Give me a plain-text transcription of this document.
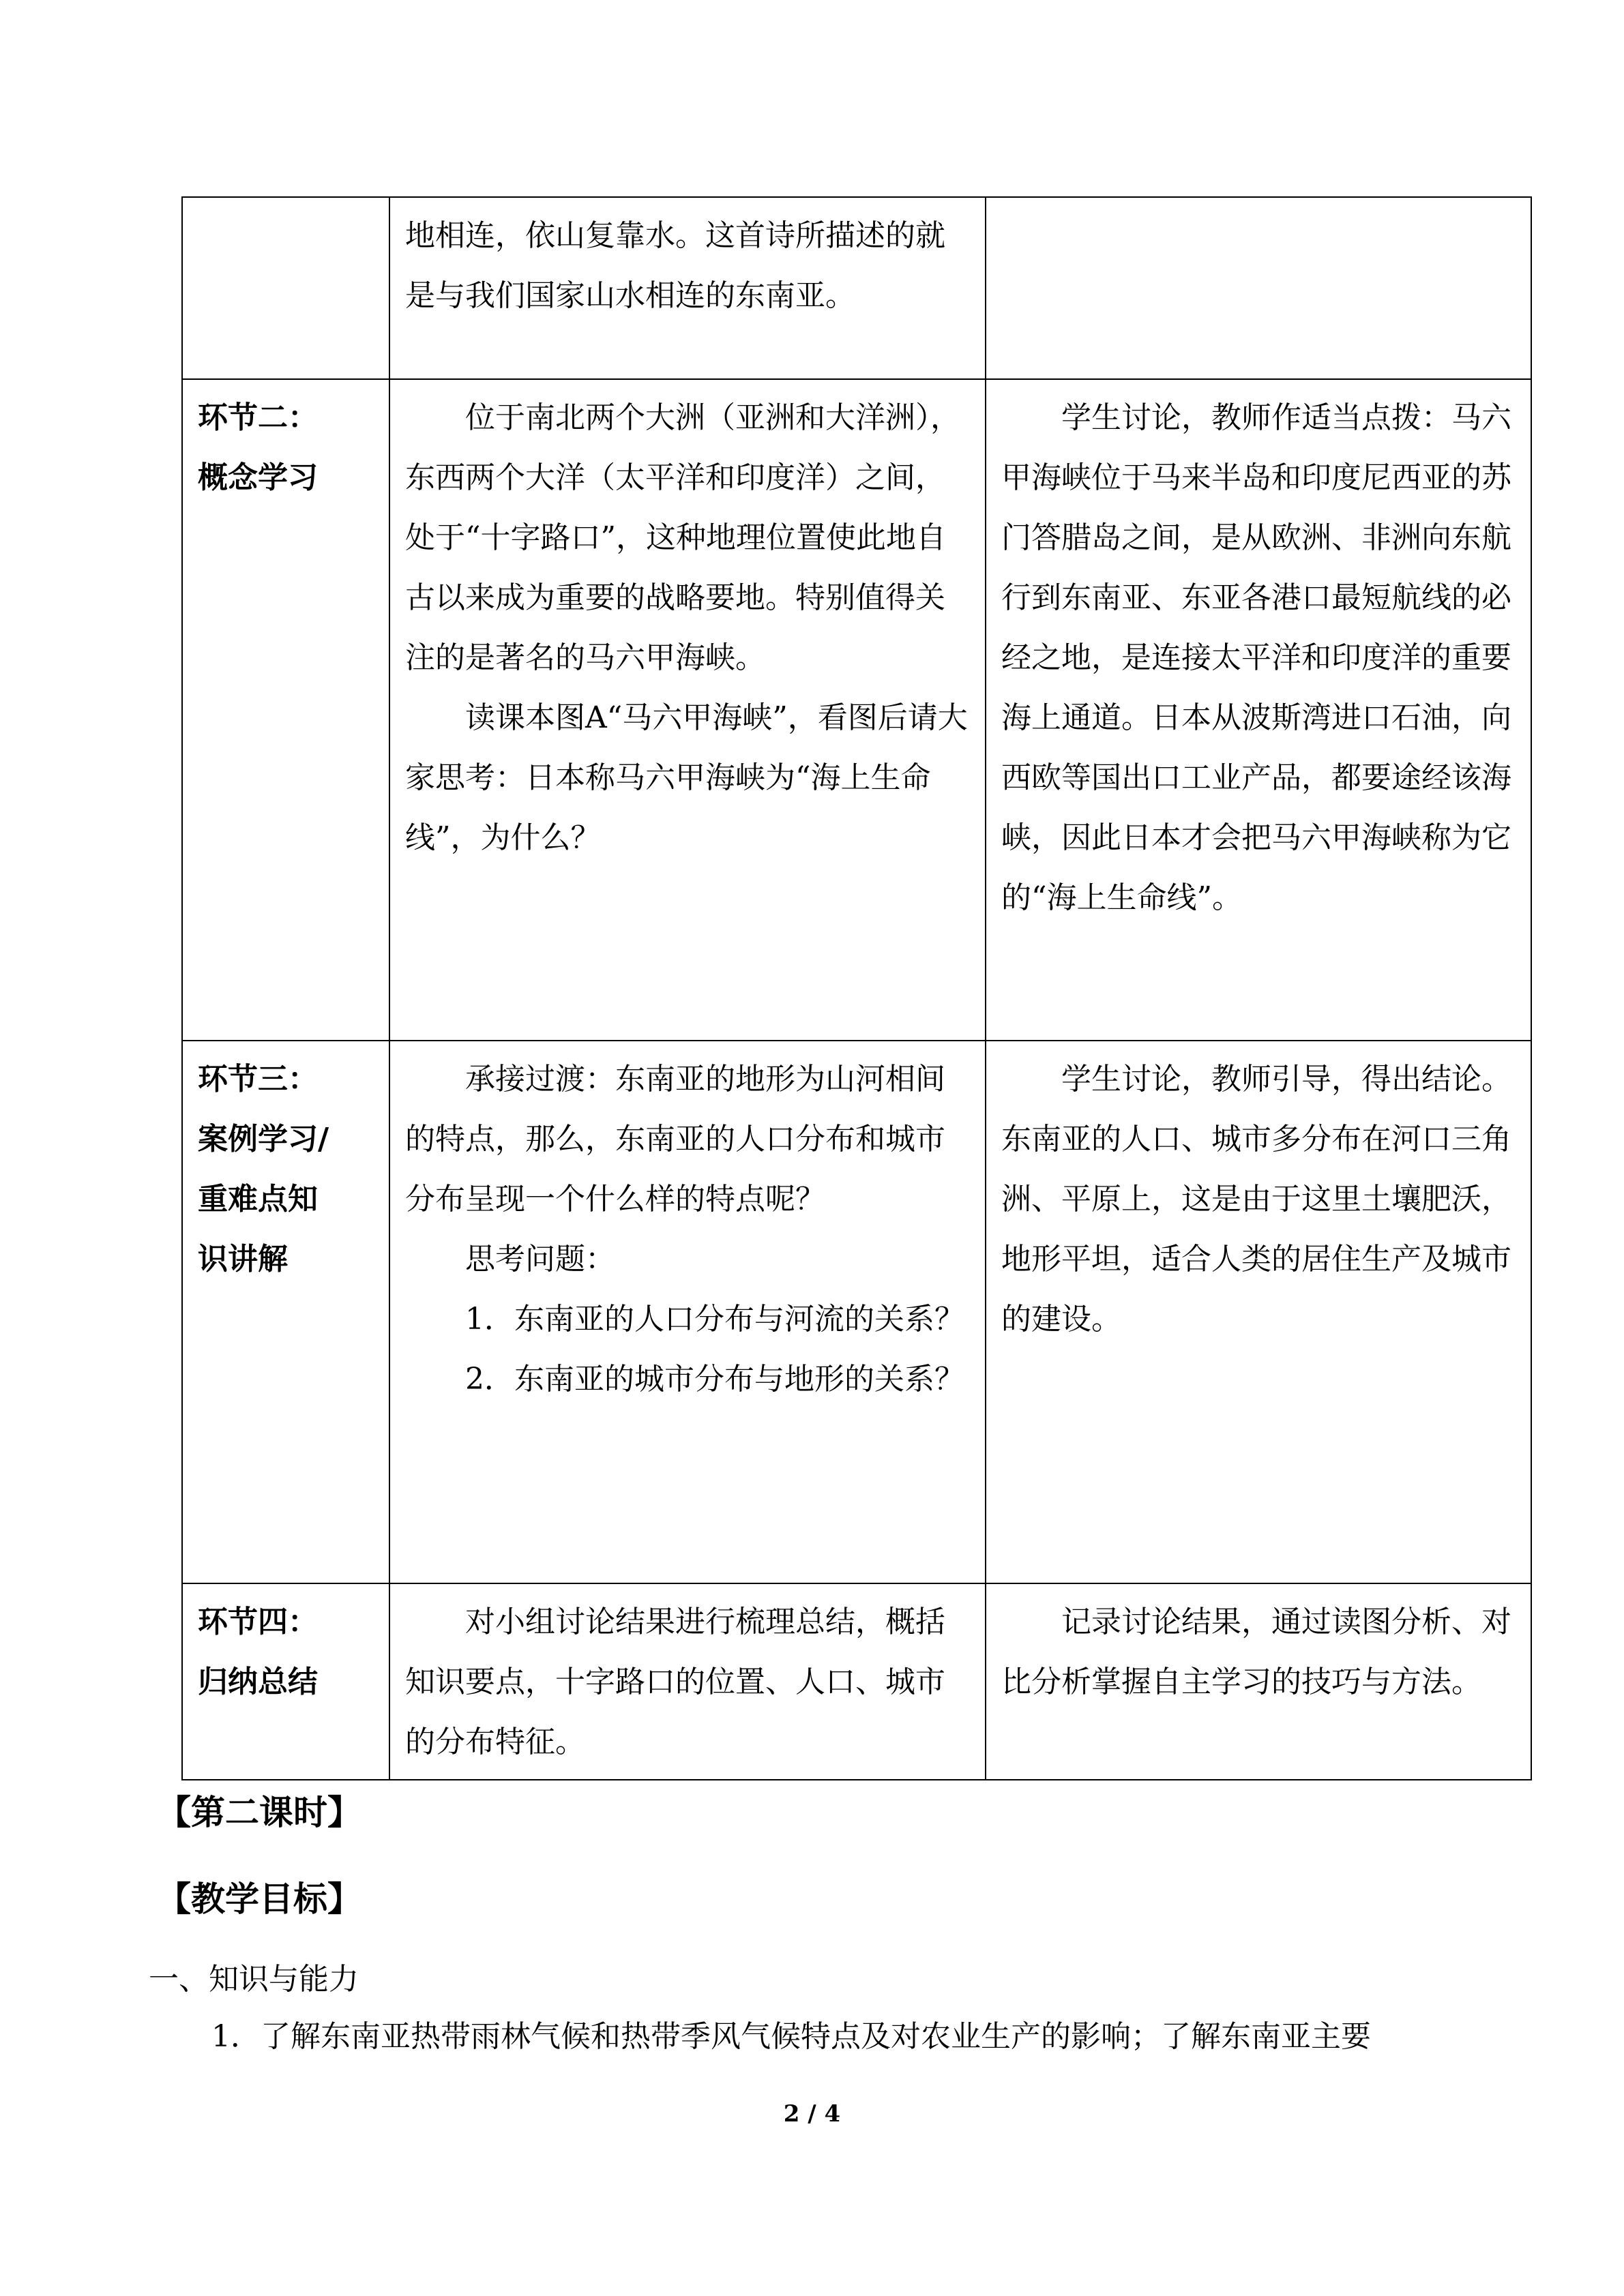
	地相连，依山复靠水。这首诗所描述的就是与我们国家山水相连的东南亚。	

环节二：
概念学习	位于南北两个大洲（亚洲和大洋洲），东西两个大洋（太平洋和印度洋）之间，处于“十字路口”，这种地理位置使此地自古以来成为重要的战略要地。特别值得关注的是著名的马六甲海峡。
读课本图A“马六甲海峡”，看图后请大家思考：日本称马六甲海峡为“海上生命线”，为什么？	学生讨论，教师作适当点拨：马六甲海峡位于马来半岛和印度尼西亚的苏门答腊岛之间，是从欧洲、非洲向东航行到东南亚、东亚各港口最短航线的必经之地，是连接太平洋和印度洋的重要海上通道。日本从波斯湾进口石油，向西欧等国出口工业产品，都要途经该海峡，因此日本才会把马六甲海峡称为它的“海上生命线”。

环节三：
案例学习/
重难点知
识讲解	承接过渡：东南亚的地形为山河相间的特点，那么，东南亚的人口分布和城市分布呈现一个什么样的特点呢？
思考问题：
1．东南亚的人口分布与河流的关系？
2．东南亚的城市分布与地形的关系？	学生讨论，教师引导，得出结论。东南亚的人口、城市多分布在河口三角洲、平原上，这是由于这里土壤肥沃，地形平坦，适合人类的居住生产及城市的建设。

环节四：
归纳总结	对小组讨论结果进行梳理总结，概括知识要点，十字路口的位置、人口、城市的分布特征。	记录讨论结果，通过读图分析、对比分析掌握自主学习的技巧与方法。

【第二课时】

【教学目标】

一、知识与能力

1．了解东南亚热带雨林气候和热带季风气候特点及对农业生产的影响；了解东南亚主要

2 / 4
